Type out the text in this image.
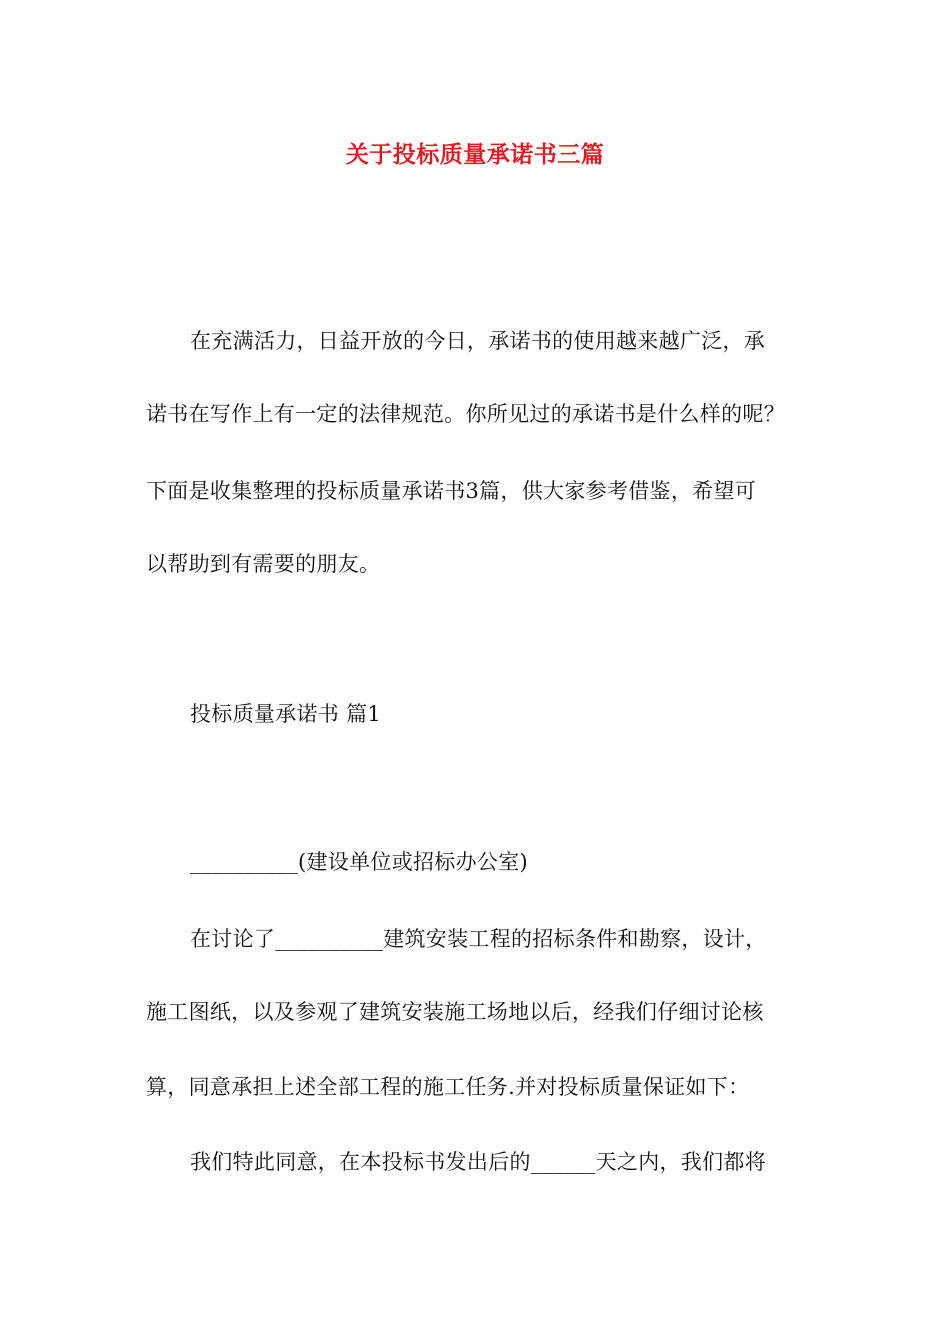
关于投标质量承诺书三篇
在充满活力，日益开放的今日，承诺书的使用越来越广泛，承
诺书在写作上有一定的法律规范。你所见过的承诺书是什么样的呢？
下面是收集整理的投标质量承诺书3篇，供大家参考借鉴，希望可
以帮助到有需要的朋友。
投标质量承诺书 篇1
__________(建设单位或招标办公室)
在讨论了__________建筑安装工程的招标条件和勘察，设计，
施工图纸，以及参观了建筑安装施工场地以后，经我们仔细讨论核
算，同意承担上述全部工程的施工任务.并对投标质量保证如下：
我们特此同意，在本投标书发出后的______天之内，我们都将
